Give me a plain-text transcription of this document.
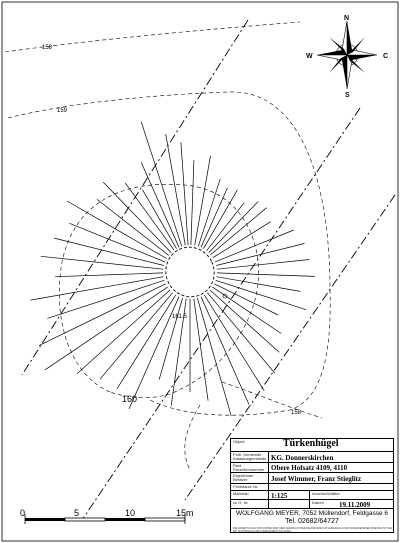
158
159
161.5
160
158
N
S
W	C
0	5	10	15m
Objekt	Türkenhügel
Polit. Gemeinde Katastralgemeinde KG. Donnerskirchen
Ried Parzellennummer Obere Hofsatz 4109, 4110
Eigentümer Besitzer	Josef Wimmer, Franz Stieglitz
Feldskizze Nr.
Maßstab	1:125	Anschlußblätter
zu G. Nr.	Datum 19.11.2009
WOLFGANG MEYER, 7052 Müllendorf, Feldgasse 6
Tel. 02682/64727
DIE ANFERTIGUNG VON KOPIEN BZW. DER GEBRAUCH DER FELDSKIZZE FÜR ANDERE ALS DIE VORGESEHENEN ZWECKE IST NUR MIT ZUSTIMMUNG DES VERFASSERS ZULÄSSIG
